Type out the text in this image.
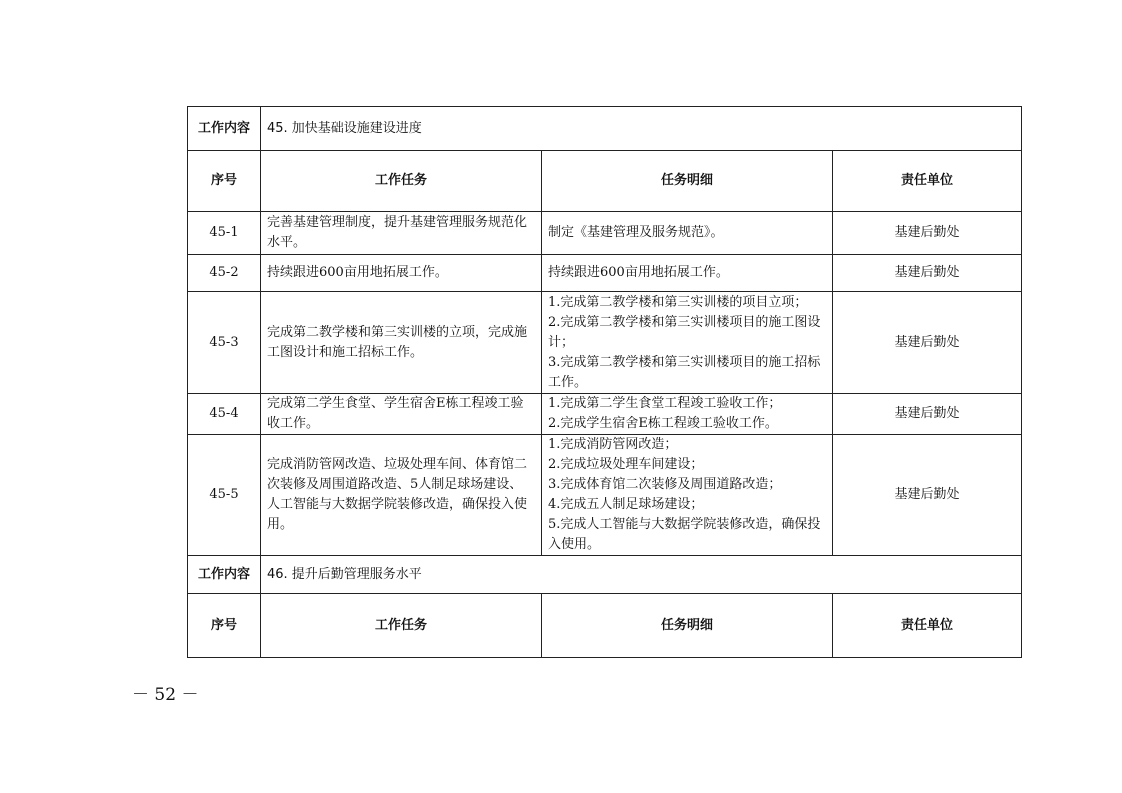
工作内容	45. 加快基础设施建设进度		
序号	工作任务	任务明细	责任单位
45-1	完善基建管理制度，提升基建管理服务规范化水平。	制定《基建管理及服务规范》。	基建后勤处
45-2	持续跟进600亩用地拓展工作。	持续跟进600亩用地拓展工作。	基建后勤处
45-3	完成第二教学楼和第三实训楼的立项，完成施工图设计和施工招标工作。	1.完成第二教学楼和第三实训楼的项目立项；
2.完成第二教学楼和第三实训楼项目的施工图设计；
3.完成第二教学楼和第三实训楼项目的施工招标工作。	基建后勤处
45-4	完成第二学生食堂、学生宿舍E栋工程竣工验收工作。	1.完成第二学生食堂工程竣工验收工作；
2.完成学生宿舍E栋工程竣工验收工作。	基建后勤处
45-5	完成消防管网改造、垃圾处理车间、体育馆二次装修及周围道路改造、5人制足球场建设、人工智能与大数据学院装修改造，确保投入使用。	1.完成消防管网改造；
2.完成垃圾处理车间建设；
3.完成体育馆二次装修及周围道路改造；
4.完成五人制足球场建设；
5.完成人工智能与大数据学院装修改造，确保投入使用。	基建后勤处
工作内容	46. 提升后勤管理服务水平		
序号	工作任务	任务明细	责任单位
－ 52 －
